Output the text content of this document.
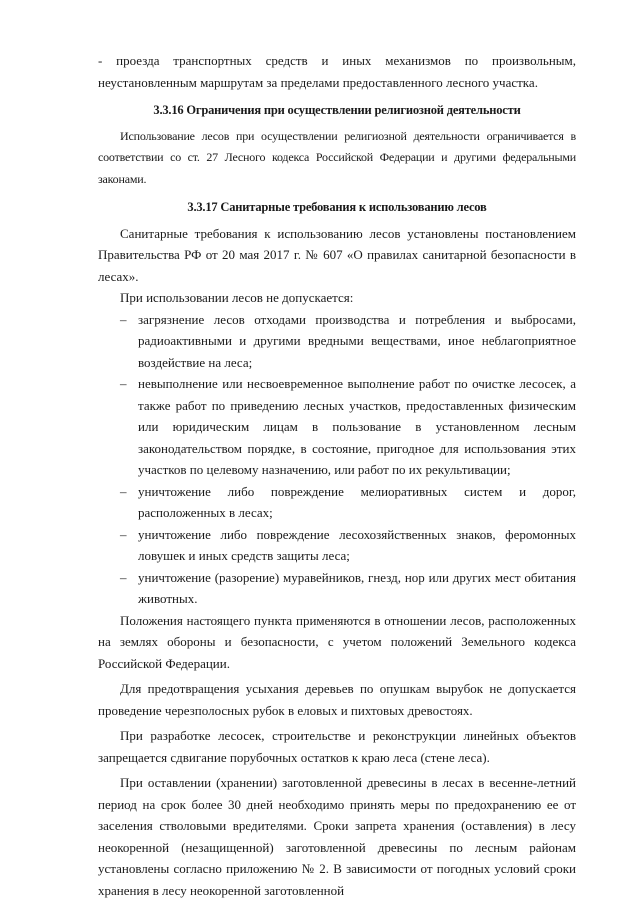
- проезда транспортных средств и иных механизмов по произвольным, неустановленным маршрутам за пределами предоставленного лесного участка.

3.3.16 Ограничения при осуществлении религиозной деятельности

Использование лесов при осуществлении религиозной деятельности ограничивается в соответствии со ст. 27 Лесного кодекса Российской Федерации и другими федеральными законами.

3.3.17 Санитарные требования к использованию лесов

Санитарные требования к использованию лесов установлены постановлением Правительства РФ от 20 мая 2017 г. № 607 «О правилах санитарной безопасности в лесах».

При использовании лесов не допускается:

– загрязнение лесов отходами производства и потребления и выбросами, радиоактивными и другими вредными веществами, иное неблагоприятное воздействие на леса;
– невыполнение или несвоевременное выполнение работ по очистке лесосек, а также работ по приведению лесных участков, предоставленных физическим или юридическим лицам в пользование в установленном лесным законодательством порядке, в состояние, пригодное для использования этих участков по целевому назначению, или работ по их рекультивации;
– уничтожение либо повреждение мелиоративных систем и дорог, расположенных в лесах;
– уничтожение либо повреждение лесохозяйственных знаков, феромонных ловушек и иных средств защиты леса;
– уничтожение (разорение) муравейников, гнезд, нор или других мест обитания животных.

Положения настоящего пункта применяются в отношении лесов, расположенных на землях обороны и безопасности, с учетом положений Земельного кодекса Российской Федерации.

Для предотвращения усыхания деревьев по опушкам вырубок не допускается проведение черезполосных рубок в еловых и пихтовых древостоях.

При разработке лесосек, строительстве и реконструкции линейных объектов запрещается сдвигание порубочных остатков к краю леса (стене леса).

При оставлении (хранении) заготовленной древесины в лесах в весенне-летний период на срок более 30 дней необходимо принять меры по предохранению ее от заселения стволовыми вредителями. Сроки запрета хранения (оставления) в лесу неокоренной (незащищенной) заготовленной древесины по лесным районам установлены согласно приложению № 2. В зависимости от погодных условий сроки хранения в лесу неокоренной заготовленной
